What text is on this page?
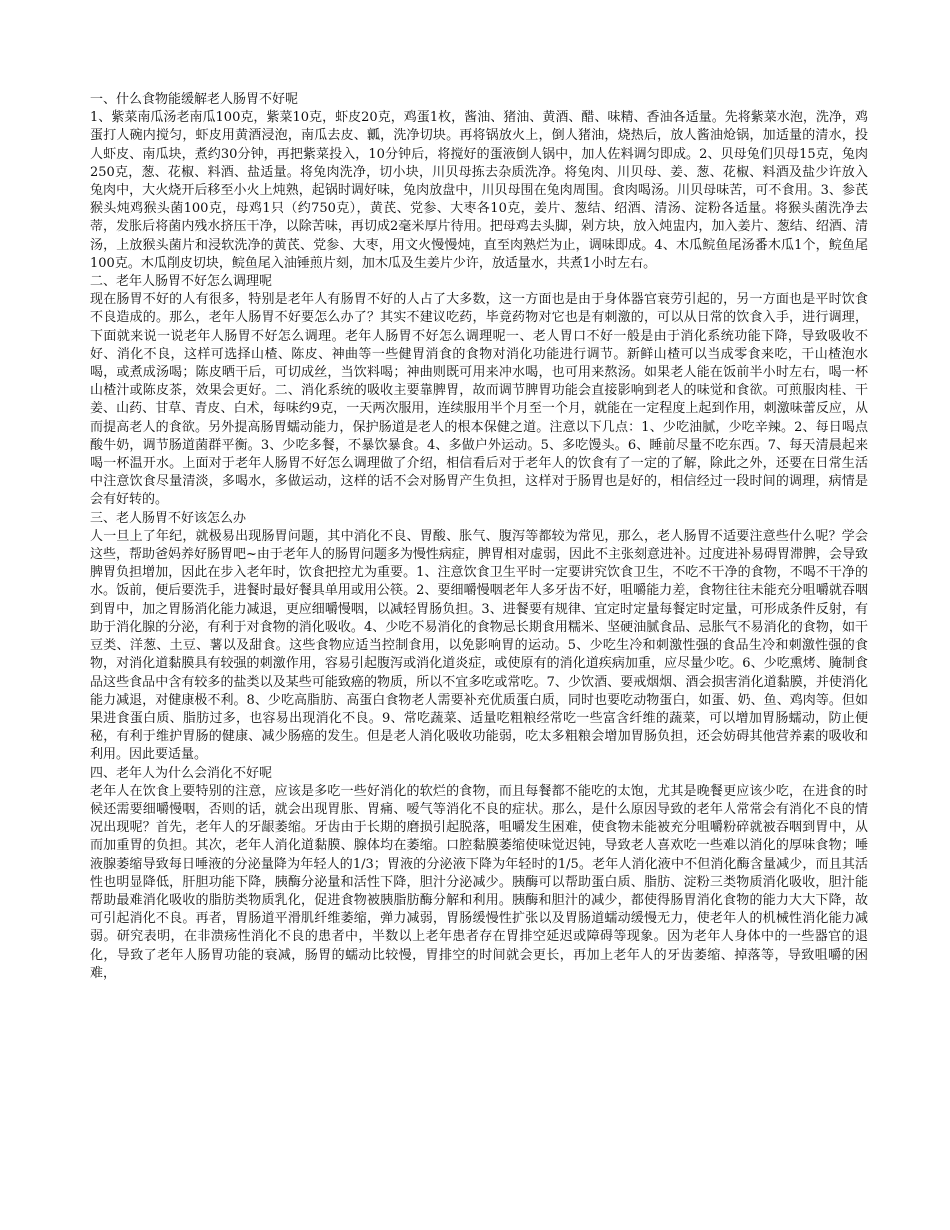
一、什么食物能缓解老人肠胃不好呢

1、紫菜南瓜汤老南瓜100克，紫菜10克，虾皮20克，鸡蛋1枚，酱油、猪油、黄酒、醋、味精、香油各适量。先将紫菜水泡，洗净，鸡蛋打人碗内搅匀，虾皮用黄酒浸泡，南瓜去皮、瓤，洗净切块。再将锅放火上，倒人猪油，烧热后，放人酱油炝锅，加适量的清水，投人虾皮、南瓜块，煮约30分钟，再把紫菜投入，10分钟后，将搅好的蛋液倒人锅中，加人佐料调匀即成。2、贝母兔们贝母15克，兔肉250克，葱、花椒、料酒、盐适量。将兔肉洗净，切小块，川贝母拣去杂质洗净。将兔肉、川贝母、姜、葱、花椒、料酒及盐少许放入兔肉中，大火烧开后移至小火上炖熟，起锅时调好味，兔肉放盘中，川贝母围在兔肉周围。食肉喝汤。川贝母味苦，可不食用。3、参芪猴头炖鸡猴头菌100克，母鸡1只（约750克），黄芪、党参、大枣各10克，姜片、葱结、绍酒、清汤、淀粉各适量。将猴头菌洗净去蒂，发胀后将菌内残水挤压干净，以除苦味，再切成2毫米厚片待用。把母鸡去头脚，剁方块，放入炖盅内，加入姜片、葱结、绍酒、清汤，上放猴头菌片和浸软洗净的黄芪、党参、大枣，用文火慢慢炖，直至肉熟烂为止，调味即成。4、木瓜鲩鱼尾汤番木瓜1个，鲩鱼尾100克。木瓜削皮切块，鲩鱼尾入油锤煎片刻，加木瓜及生姜片少许，放适量水，共煮1小时左右。

二、老年人肠胃不好怎么调理呢

现在肠胃不好的人有很多，特别是老年人有肠胃不好的人占了大多数，这一方面也是由于身体器官衰劳引起的，另一方面也是平时饮食不良造成的。那么，老年人肠胃不好要怎么办了？其实不建议吃药，毕竟药物对它也是有刺激的，可以从日常的饮食入手，进行调理，下面就来说一说老年人肠胃不好怎么调理。老年人肠胃不好怎么调理呢一、老人胃口不好一般是由于消化系统功能下降，导致吸收不好、消化不良，这样可选择山楂、陈皮、神曲等一些健胃消食的食物对消化功能进行调节。新鲜山楂可以当成零食来吃，干山楂泡水喝，或煮成汤喝；陈皮晒干后，可切成丝，当饮料喝；神曲则既可用来冲水喝，也可用来熬汤。如果老人能在饭前半小时左右，喝一杯山楂汁或陈皮茶，效果会更好。二、消化系统的吸收主要靠脾胃，故而调节脾胃功能会直接影响到老人的味觉和食欲。可煎服肉桂、干姜、山药、甘草、青皮、白术，每味约9克，一天两次服用，连续服用半个月至一个月，就能在一定程度上起到作用，刺激味蕾反应，从而提高老人的食欲。另外提高肠胃蠕动能力，保护肠道是老人的根本保健之道。注意以下几点：1、少吃油腻，少吃辛辣。2、每日喝点酸牛奶，调节肠道菌群平衡。3、少吃多餐，不暴饮暴食。4、多做户外运动。5、多吃馒头。6、睡前尽量不吃东西。7、每天清晨起来喝一杯温开水。上面对于老年人肠胃不好怎么调理做了介绍，相信看后对于老年人的饮食有了一定的了解，除此之外，还要在日常生活中注意饮食尽量清淡，多喝水，多做运动，这样的话不会对肠胃产生负担，这样对于肠胃也是好的，相信经过一段时间的调理，病情是会有好转的。

三、老人肠胃不好该怎么办

人一旦上了年纪，就极易出现肠胃问题，其中消化不良、胃酸、胀气、腹泻等都较为常见，那么，老人肠胃不适要注意些什么呢？学会这些，帮助爸妈养好肠胃吧~由于老年人的肠胃问题多为慢性病症，脾胃相对虚弱，因此不主张刻意进补。过度进补易碍胃滞脾，会导致脾胃负担增加，因此在步入老年时，饮食把控尤为重要。1、注意饮食卫生平时一定要讲究饮食卫生，不吃不干净的食物，不喝不干净的水。饭前，便后要洗手，进餐时最好餐具单用或用公筷。2、要细嚼慢咽老年人多牙齿不好，咀嚼能力差，食物往往未能充分咀嚼就吞咽到胃中，加之胃肠消化能力减退，更应细嚼慢咽，以减轻胃肠负担。3、进餐要有规律、宜定时定量每餐定时定量，可形成条件反射，有助于消化腺的分泌，有利于对食物的消化吸收。4、少吃不易消化的食物忌长期食用糯米、坚硬油腻食品、忌胀气不易消化的食物，如干豆类、洋葱、土豆、薯以及甜食。这些食物应适当控制食用，以免影响胃的运动。5、少吃生冷和刺激性强的食品生冷和刺激性强的食物，对消化道黏膜具有较强的刺激作用，容易引起腹泻或消化道炎症，或使原有的消化道疾病加重，应尽量少吃。6、少吃熏烤、腌制食品这些食品中含有较多的盐类以及某些可能致癌的物质，所以不宜多吃或常吃。7、少饮酒、要戒烟烟、酒会损害消化道黏膜，并使消化能力减退，对健康极不利。8、少吃高脂肪、高蛋白食物老人需要补充优质蛋白质，同时也要吃动物蛋白，如蛋、奶、鱼、鸡肉等。但如果进食蛋白质、脂肪过多，也容易出现消化不良。9、常吃蔬菜、适量吃粗粮经常吃一些富含纤维的蔬菜，可以增加胃肠蠕动，防止便秘，有利于维护胃肠的健康、减少肠癌的发生。但是老人消化吸收功能弱，吃太多粗粮会增加胃肠负担，还会妨碍其他营养素的吸收和利用。因此要适量。

四、老年人为什么会消化不好呢

老年人在饮食上要特别的注意，应该是多吃一些好消化的软烂的食物，而且每餐都不能吃的太饱，尤其是晚餐更应该少吃，在进食的时候还需要细嚼慢咽，否则的话，就会出现胃胀、胃痛、嗳气等消化不良的症状。那么，是什么原因导致的老年人常常会有消化不良的情况出现呢？首先，老年人的牙龈萎缩。牙齿由于长期的磨损引起脱落，咀嚼发生困难，使食物未能被充分咀嚼粉碎就被吞咽到胃中，从而加重胃的负担。其次，老年人消化道黏膜、腺体均在萎缩。口腔黏膜萎缩使味觉迟钝，导致老人喜欢吃一些难以消化的厚味食物；唾液腺萎缩导致每日唾液的分泌量降为年轻人的1/3；胃液的分泌液下降为年轻时的1/5。老年人消化液中不但消化酶含量减少，而且其活性也明显降低，肝胆功能下降，胰酶分泌量和活性下降，胆汁分泌减少。胰酶可以帮助蛋白质、脂肪、淀粉三类物质消化吸收，胆汁能帮助最难消化吸收的脂肪类物质乳化，促进食物被胰脂肪酶分解和利用。胰酶和胆汁的减少，都使得肠胃消化食物的能力大大下降，故可引起消化不良。再者，胃肠道平滑肌纤维萎缩，弹力减弱，胃肠缓慢性扩张以及胃肠道蠕动缓慢无力，使老年人的机械性消化能力减弱。研究表明，在非溃疡性消化不良的患者中，半数以上老年患者存在胃排空延迟或障碍等现象。因为老年人身体中的一些器官的退化，导致了老年人肠胃功能的衰减，肠胃的蠕动比较慢，胃排空的时间就会更长，再加上老年人的牙齿萎缩、掉落等，导致咀嚼的困难，
